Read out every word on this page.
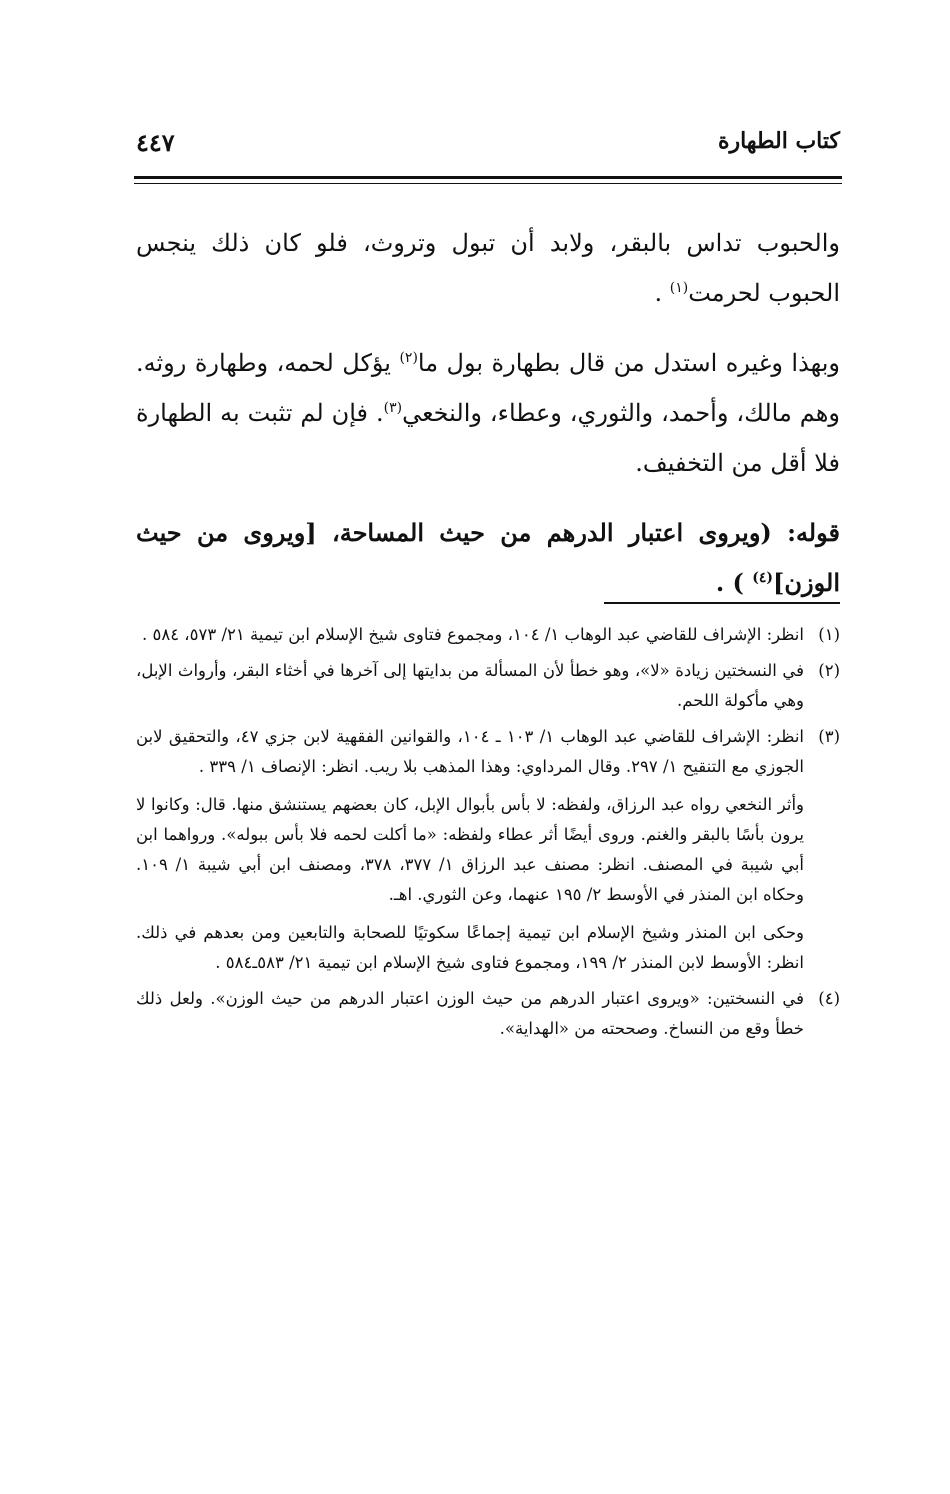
كتاب الطهارة
٤٤٧

والحبوب تداس بالبقر، ولابد أن تبول وتروث، فلو كان ذلك ينجس الحبوب لحرمت$^{(١)}$ .

وبهذا وغيره استدل من قال بطهارة بول ما$^{(٢)}$ يؤكل لحمه، وطهارة روثه. وهم مالك، وأحمد، والثوري، وعطاء، والنخعي$^{(٣)}$. فإن لم تثبت به الطهارة فلا أقل من التخفيف.

قوله: (ويروى اعتبار الدرهم من حيث المساحة، [ويروى من حيث الوزن]$^{(٤)}$ ) .

(١)

انظر: الإشراف للقاضي عبد الوهاب ١/ ١٠٤، ومجموع فتاوى شيخ الإسلام ابن تيمية ٢١/ ٥٧٣، ٥٨٤ .

(٢)

في النسختين زيادة «لا»، وهو خطأ لأن المسألة من بدايتها إلى آخرها في أخثاء البقر، وأرواث الإبل، وهي مأكولة اللحم.

(٣)

انظر: الإشراف للقاضي عبد الوهاب ١/ ١٠٣ ـ ١٠٤، والقوانين الفقهية لابن جزي ٤٧، والتحقيق لابن الجوزي مع التنقيح ١/ ٢٩٧. وقال المرداوي: وهذا المذهب بلا ريب. انظر: الإنصاف ١/ ٣٣٩ .

وأثر النخعي رواه عبد الرزاق، ولفظه: لا بأس بأبوال الإبل، كان بعضهم يستنشق منها. قال: وكانوا لا يرون بأسًا بالبقر والغنم. وروى أيضًا أثر عطاء ولفظه: «ما أكلت لحمه فلا بأس ببوله». ورواهما ابن أبي شيبة في المصنف. انظر: مصنف عبد الرزاق ١/ ٣٧٧، ٣٧٨، ومصنف ابن أبي شيبة ١/ ١٠٩. وحكاه ابن المنذر في الأوسط ٢/ ١٩٥ عنهما، وعن الثوري. اهـ.

وحكى ابن المنذر وشيخ الإسلام ابن تيمية إجماعًا سكوتيًا للصحابة والتابعين ومن بعدهم في ذلك. انظر: الأوسط لابن المنذر ٢/ ١٩٩، ومجموع فتاوى شيخ الإسلام ابن تيمية ٢١/ ٥٨٣ـ٥٨٤ .

(٤)

في النسختين: «ويروى اعتبار الدرهم من حيث الوزن اعتبار الدرهم من حيث الوزن». ولعل ذلك خطأ وقع من النساخ. وصححته من «الهداية».
